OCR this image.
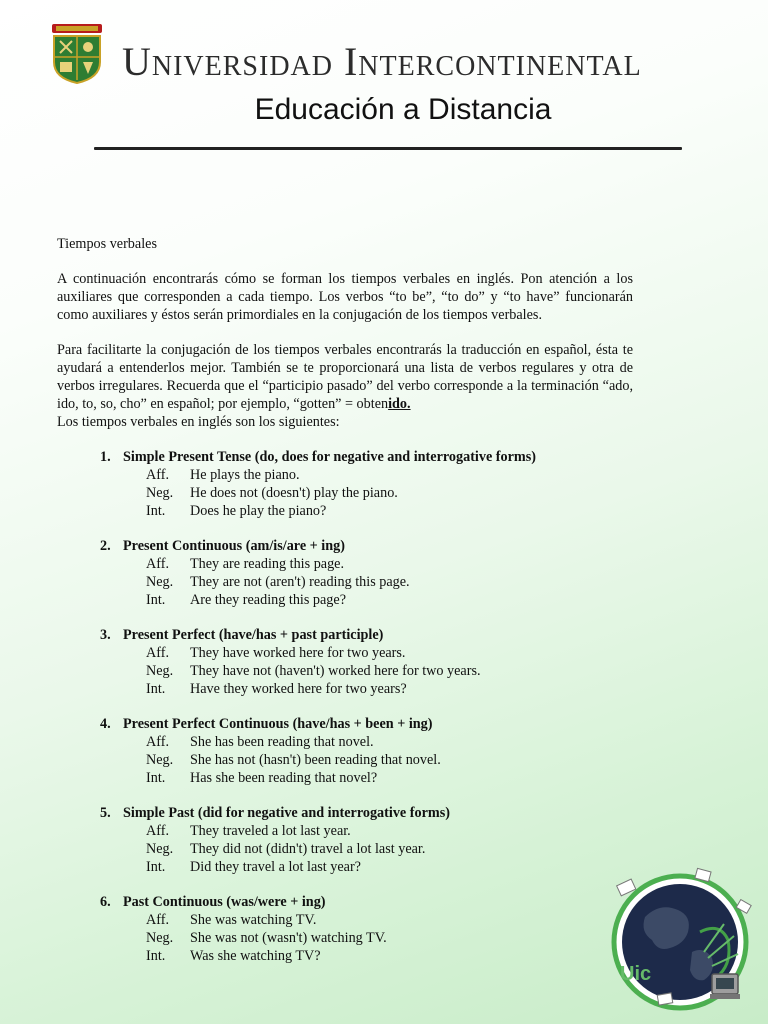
Universidad Intercontinental
Educación a Distancia

Tiempos verbales

A continuación encontrarás cómo se forman los tiempos verbales en inglés. Pon atención a los auxiliares que corresponden a cada tiempo. Los verbos “to be”, “to do” y “to have” funcionarán como auxiliares y éstos serán primordiales en la conjugación de los tiempos verbales.

Para facilitarte la conjugación de los tiempos verbales encontrarás la traducción en español, ésta te ayudará a entenderlos mejor. También se te proporcionará una lista de verbos regulares y otra de verbos irregulares. Recuerda que el “participio pasado” del verbo corresponde a la terminación “ado, ido, to, so, cho” en español; por ejemplo, “gotten” = obtenido.

Los tiempos verbales en inglés son los siguientes:

1. Simple Present Tense (do, does for negative and interrogative forms)
Aff.	He plays the piano.
Neg.	He does not (doesn't) play the piano.
Int.	Does he play the piano?
2. Present Continuous (am/is/are + ing)
Aff.	They are reading this page.
Neg.	They are not (aren't) reading this page.
Int.	Are they reading this page?
3. Present Perfect (have/has + past participle)
Aff.	They have worked here for two years.
Neg.	They have not (haven't) worked here for two years.
Int.	Have they worked here for two years?
4. Present Perfect Continuous (have/has + been + ing)
Aff.	She has been reading that novel.
Neg.	She has not (hasn't) been reading that novel.
Int.	Has she been reading that novel?
5. Simple Past (did for negative and interrogative forms)
Aff.	They traveled a lot last year.
Neg.	They did not (didn't) travel a lot last year.
Int.	Did they travel a lot last year?
6. Past Continuous (was/were + ing)
Aff.	She was watching TV.
Neg.	She was not (wasn't) watching TV.
Int.	Was she watching TV?
Uic
